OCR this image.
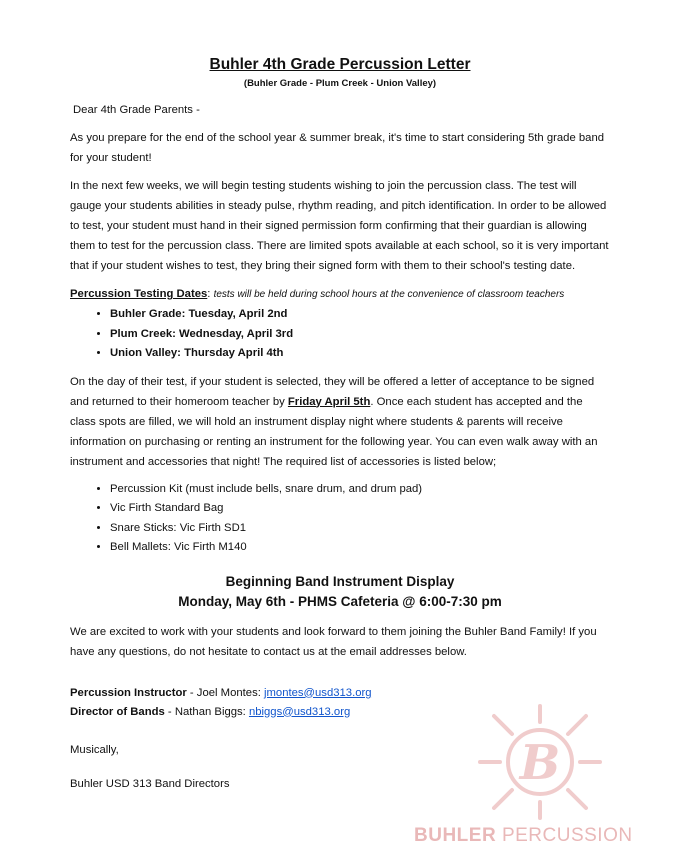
Buhler 4th Grade Percussion Letter
(Buhler Grade - Plum Creek - Union Valley)

Dear 4th Grade Parents -

As you prepare for the end of the school year & summer break, it's time to start considering 5th grade band for your student!

In the next few weeks, we will begin testing students wishing to join the percussion class. The test will gauge your students abilities in steady pulse, rhythm reading, and pitch identification. In order to be allowed to test, your student must hand in their signed permission form confirming that their guardian is allowing them to test for the percussion class. There are limited spots available at each school, so it is very important that if your student wishes to test, they bring their signed form with them to their school's testing date.

Percussion Testing Dates: tests will be held during school hours at the convenience of classroom teachers
• Buhler Grade: Tuesday, April 2nd
• Plum Creek: Wednesday, April 3rd
• Union Valley: Thursday April 4th

On the day of their test, if your student is selected, they will be offered a letter of acceptance to be signed and returned to their homeroom teacher by Friday April 5th. Once each student has accepted and the class spots are filled, we will hold an instrument display night where students & parents will receive information on purchasing or renting an instrument for the following year. You can even walk away with an instrument and accessories that night! The required list of accessories is listed below;

• Percussion Kit (must include bells, snare drum, and drum pad)
• Vic Firth Standard Bag
• Snare Sticks: Vic Firth SD1
• Bell Mallets: Vic Firth M140
Beginning Band Instrument Display
Monday, May 6th - PHMS Cafeteria @ 6:00-7:30 pm

We are excited to work with your students and look forward to them joining the Buhler Band Family! If you have any questions, do not hesitate to contact us at the email addresses below.

Percussion Instructor - Joel Montes: jmontes@usd313.org
Director of Bands - Nathan Biggs: nbiggs@usd313.org

Musically,

Buhler USD 313 Band Directors	B
BUHLER PERCUSSION
